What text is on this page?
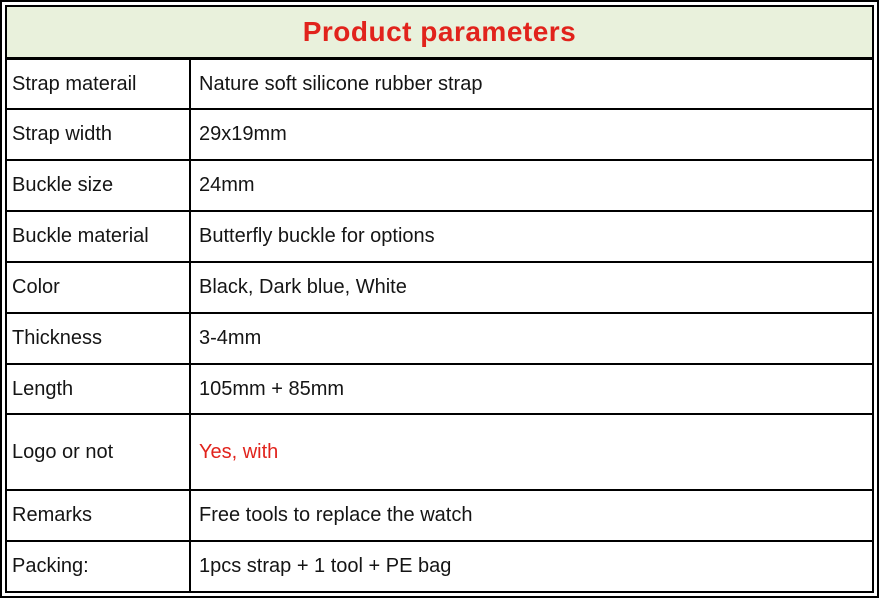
Product parameters	
Strap materail	Nature soft silicone rubber strap
Strap width	29x19mm
Buckle size	24mm
Buckle material	Butterfly buckle for options
Color	Black, Dark blue, White
Thickness	3-4mm
Length	105mm + 85mm
Logo or not	Yes, with
Remarks	Free tools to replace the watch
Packing:	1pcs strap + 1 tool + PE bag
